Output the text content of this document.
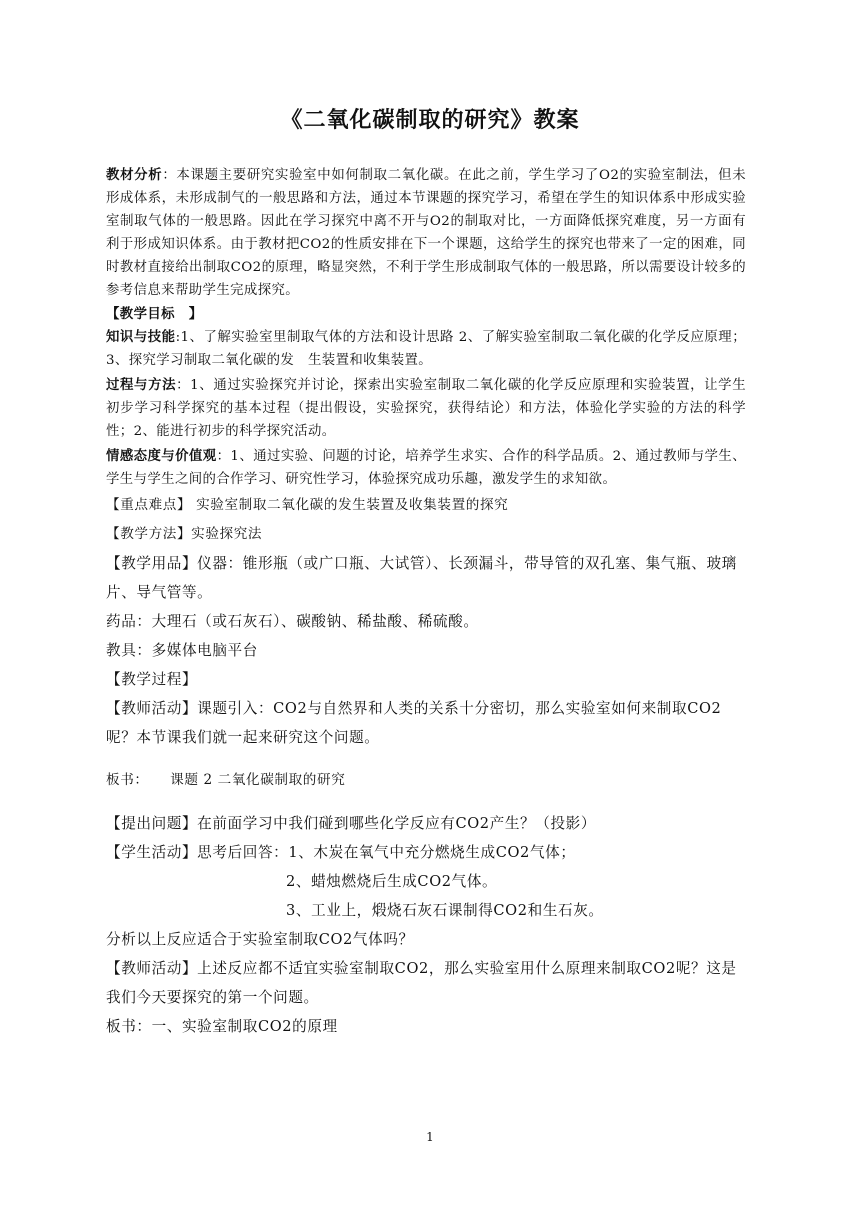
《二氧化碳制取的研究》教案

教材分析：本课题主要研究实验室中如何制取二氧化碳。在此之前，学生学习了O2的实验室制法，但未形成体系，未形成制气的一般思路和方法，通过本节课题的探究学习，希望在学生的知识体系中形成实验室制取气体的一般思路。因此在学习探究中离不开与O2的制取对比，一方面降低探究难度，另一方面有利于形成知识体系。由于教材把CO2的性质安排在下一个课题，这给学生的探究也带来了一定的困难，同时教材直接给出制取CO2的原理，略显突然，不利于学生形成制取气体的一般思路，所以需要设计较多的参考信息来帮助学生完成探究。

【教学目标　】

知识与技能:1、了解实验室里制取气体的方法和设计思路 2、了解实验室制取二氧化碳的化学反应原理；3、探究学习制取二氧化碳的发　生装置和收集装置。

过程与方法：1、通过实验探究并讨论，探索出实验室制取二氧化碳的化学反应原理和实验装置，让学生初步学习科学探究的基本过程（提出假设，实验探究，获得结论）和方法，体验化学实验的方法的科学性；2、能进行初步的科学探究活动。

情感态度与价值观：1、通过实验、问题的讨论，培养学生求实、合作的科学品质。2、通过教师与学生、学生与学生之间的合作学习、研究性学习，体验探究成功乐趣，激发学生的求知欲。

【重点难点】 实验室制取二氧化碳的发生装置及收集装置的探究

【教学方法】实验探究法

【教学用品】仪器：锥形瓶（或广口瓶、大试管）、长颈漏斗，带导管的双孔塞、集气瓶、玻璃片、导气管等。

药品：大理石（或石灰石）、碳酸钠、稀盐酸、稀硫酸。

教具：多媒体电脑平台

【教学过程】

【教师活动】课题引入：CO2与自然界和人类的关系十分密切，那么实验室如何来制取CO2呢？本节课我们就一起来研究这个问题。

板书：　　课题 2 二氧化碳制取的研究

【提出问题】在前面学习中我们碰到哪些化学反应有CO2产生？（投影）

【学生活动】思考后回答：1、木炭在氧气中充分燃烧生成CO2气体；

2、蜡烛燃烧后生成CO2气体。

3、工业上，煅烧石灰石课制得CO2和生石灰。

分析以上反应适合于实验室制取CO2气体吗？

【教师活动】上述反应都不适宜实验室制取CO2，那么实验室用什么原理来制取CO2呢？这是我们今天要探究的第一个问题。

板书：一、实验室制取CO2的原理

1
